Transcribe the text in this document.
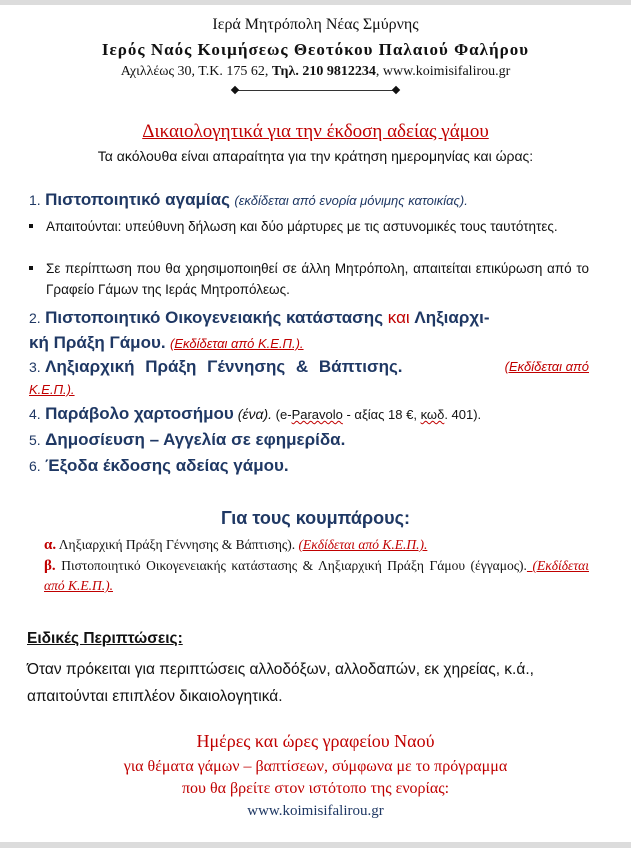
Ιερά Μητρόπολη Νέας Σμύρνης
Ιερός Ναός Κοιμήσεως Θεοτόκου Παλαιού Φαλήρου
Αχιλλέως 30, Τ.Κ. 175 62, Τηλ. 210 9812234, www.koimisifalirou.gr
Δικαιολογητικά για την έκδοση αδείας γάμου
Τα ακόλουθα είναι απαραίτητα για την κράτηση ημερομηνίας και ώρας:
1. Πιστοποιητικό αγαμίας (εκδίδεται από ενορία μόνιμης κατοικίας).
Απαιτούνται: υπεύθυνη δήλωση και δύο μάρτυρες με τις αστυνομικές τους ταυτότητες.
Σε περίπτωση που θα χρησιμοποιηθεί σε άλλη Μητρόπολη, απαιτείται επικύρωση από το Γραφείο Γάμων της Ιεράς Μητροπόλεως.
2. Πιστοποιητικό Οικογενειακής κατάστασης και Ληξιαρχι-
κή Πράξη Γάμου. (Εκδίδεται από Κ.Ε.Π.).
3. Ληξιαρχική Πράξη Γέννησης & Βάπτισης.	(Εκδίδεται από

Κ.Ε.Π.).
4. Παράβολο χαρτοσήμου (ένα). (e-Paravolo - αξίας 18 €, κωδ. 401).
5. Δημοσίευση – Αγγελία σε εφημερίδα.
6. Έξοδα έκδοσης αδείας γάμου.
Για τους κουμπάρους:
α. Ληξιαρχική Πράξη Γέννησης & Βάπτισης). (Εκδίδεται από Κ.Ε.Π.).
β. Πιστοποιητικό Οικογενειακής κατάστασης & Ληξιαρχική Πράξη Γάμου (έγγαμος). (Εκδίδεται από Κ.Ε.Π.).
Ειδικές Περιπτώσεις:
Όταν πρόκειται για περιπτώσεις αλλοδόξων, αλλοδαπών, εκ χηρείας, κ.ά., απαιτούνται επιπλέον δικαιολογητικά.
Ημέρες και ώρες γραφείου Ναού
για θέματα γάμων – βαπτίσεων, σύμφωνα με το πρόγραμμα
που θα βρείτε στον ιστότοπο της ενορίας:
www.koimisifalirou.gr
